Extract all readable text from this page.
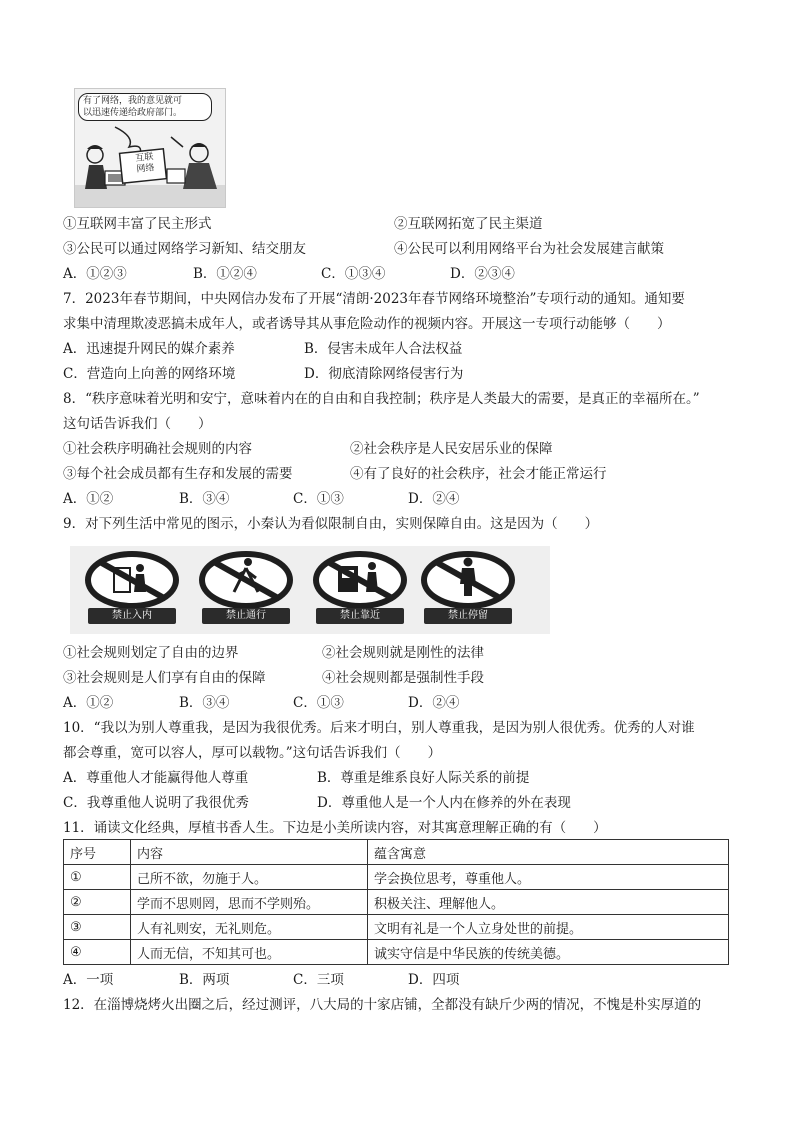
有了网络，我的意见就可
以迅速传递给政府部门。
互联
网络
①互联网丰富了民主形式	②互联网拓宽了民主渠道
③公民可以通过网络学习新知、结交朋友	④公民可以利用网络平台为社会发展建言献策
A．①②③	B．①②④	C．①③④	D．②③④
7．2023年春节期间，中央网信办发布了开展“清朗·2023年春节网络环境整治”专项行动的通知。通知要
求集中清理欺凌恶搞未成年人，或者诱导其从事危险动作的视频内容。开展这一专项行动能够（　　）
A．迅速提升网民的媒介素养	B．侵害未成年人合法权益
C．营造向上向善的网络环境	D．彻底清除网络侵害行为
8．“秩序意味着光明和安宁，意味着内在的自由和自我控制；秩序是人类最大的需要，是真正的幸福所在。”
这句话告诉我们（　　）
①社会秩序明确社会规则的内容	②社会秩序是人民安居乐业的保障
③每个社会成员都有生存和发展的需要	④有了良好的社会秩序，社会才能正常运行
A．①②	B．③④	C．①③	D．②④
9．对下列生活中常见的图示，小秦认为看似限制自由，实则保障自由。这是因为（　　）
禁止入内	禁止通行	禁止靠近	禁止停留
①社会规则划定了自由的边界	②社会规则就是刚性的法律
③社会规则是人们享有自由的保障	④社会规则都是强制性手段
A．①②	B．③④	C．①③	D．②④
10．“我以为别人尊重我，是因为我很优秀。后来才明白，别人尊重我，是因为别人很优秀。优秀的人对谁
都会尊重，宽可以容人，厚可以载物。”这句话告诉我们（　　）
A．尊重他人才能赢得他人尊重	B．尊重是维系良好人际关系的前提
C．我尊重他人说明了我很优秀	D．尊重他人是一个人内在修养的外在表现
11．诵读文化经典，厚植书香人生。下边是小美所读内容，对其寓意理解正确的有（　　）
序号	内容	蕴含寓意
①	己所不欲，勿施于人。	学会换位思考，尊重他人。
②	学而不思则罔，思而不学则殆。	积极关注、理解他人。
③	人有礼则安，无礼则危。	文明有礼是一个人立身处世的前提。
④	人而无信，不知其可也。	诚实守信是中华民族的传统美德。
A．一项	B．两项	C．三项	D．四项
12．在淄博烧烤火出圈之后，经过测评，八大局的十家店铺，全都没有缺斤少两的情况，不愧是朴实厚道的
